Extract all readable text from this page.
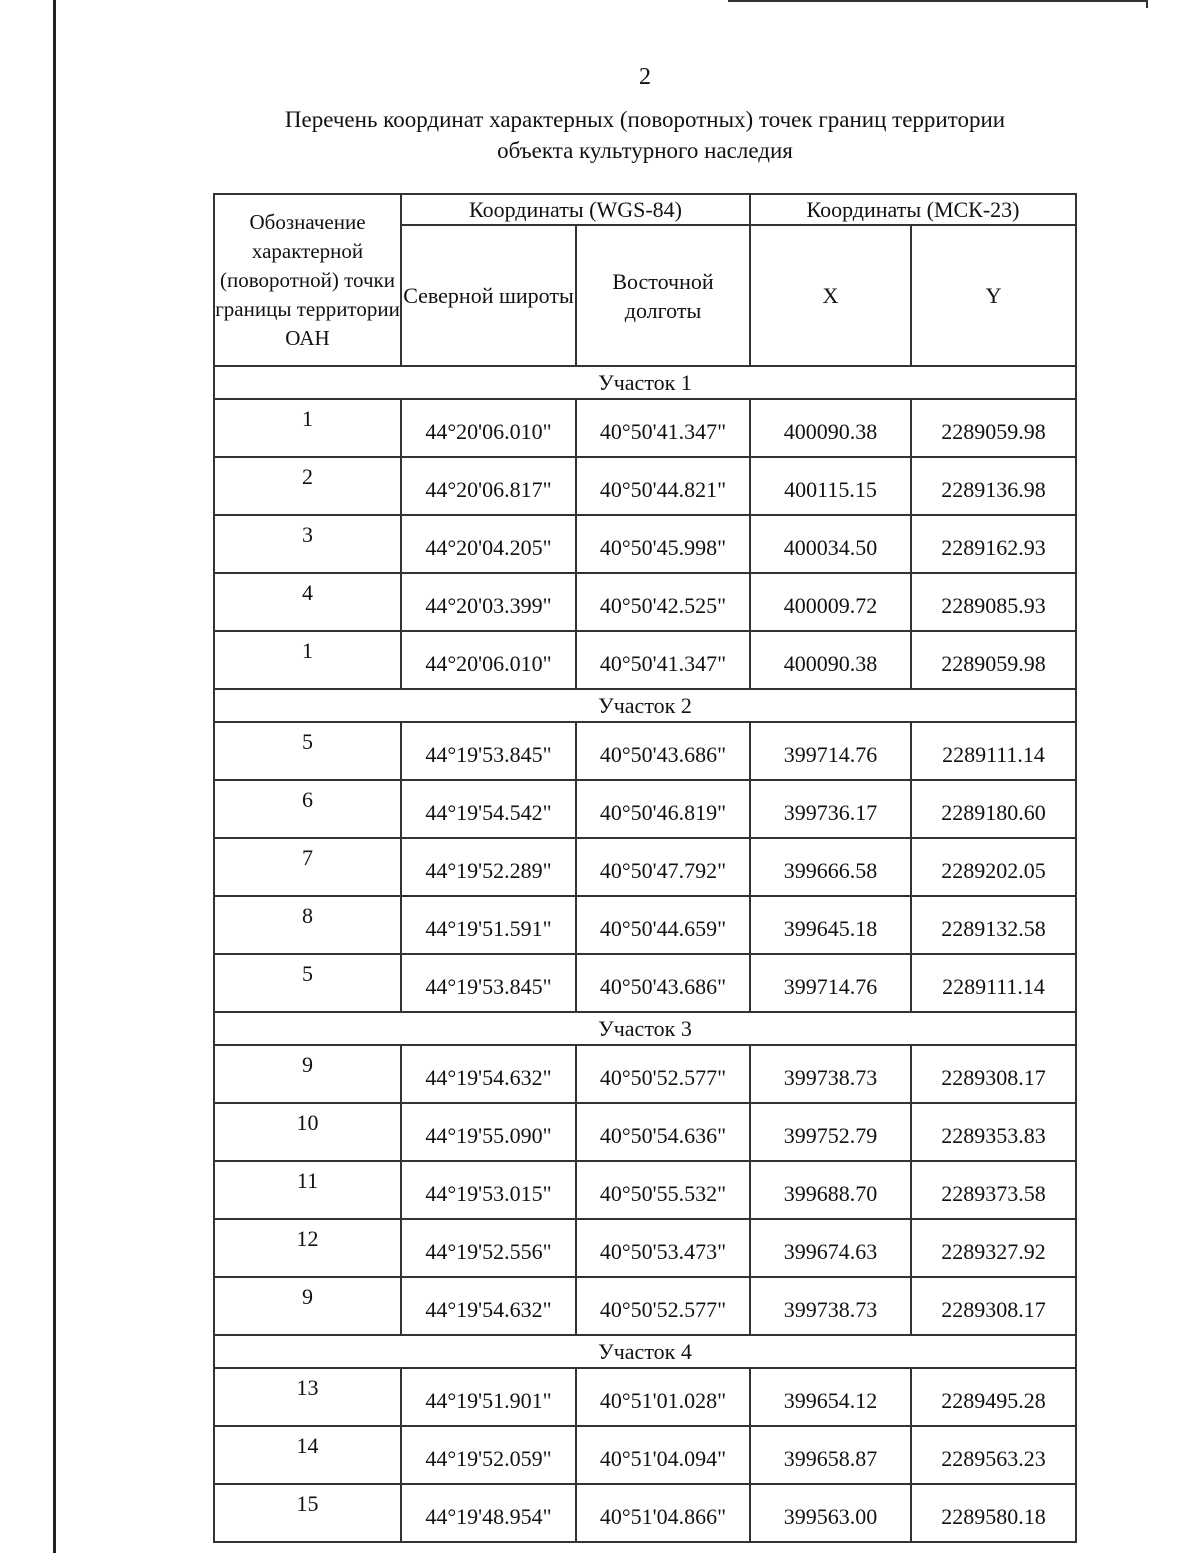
2
Перечень координат характерных (поворотных) точек границ территории
объекта культурного наследия
Обозначение характерной (поворотной) точки границы территории ОАН	Координаты (WGS-84)		Координаты (МСК-23)	
	Северной широты	Восточной долготы	X	Y
Участок 1				
1	44°20'06.010"	40°50'41.347"	400090.38	2289059.98
2	44°20'06.817"	40°50'44.821"	400115.15	2289136.98
3	44°20'04.205"	40°50'45.998"	400034.50	2289162.93
4	44°20'03.399"	40°50'42.525"	400009.72	2289085.93
1	44°20'06.010"	40°50'41.347"	400090.38	2289059.98
Участок 2				
5	44°19'53.845"	40°50'43.686"	399714.76	2289111.14
6	44°19'54.542"	40°50'46.819"	399736.17	2289180.60
7	44°19'52.289"	40°50'47.792"	399666.58	2289202.05
8	44°19'51.591"	40°50'44.659"	399645.18	2289132.58
5	44°19'53.845"	40°50'43.686"	399714.76	2289111.14
Участок 3				
9	44°19'54.632"	40°50'52.577"	399738.73	2289308.17
10	44°19'55.090"	40°50'54.636"	399752.79	2289353.83
11	44°19'53.015"	40°50'55.532"	399688.70	2289373.58
12	44°19'52.556"	40°50'53.473"	399674.63	2289327.92
9	44°19'54.632"	40°50'52.577"	399738.73	2289308.17
Участок 4				
13	44°19'51.901"	40°51'01.028"	399654.12	2289495.28
14	44°19'52.059"	40°51'04.094"	399658.87	2289563.23
15	44°19'48.954"	40°51'04.866"	399563.00	2289580.18
